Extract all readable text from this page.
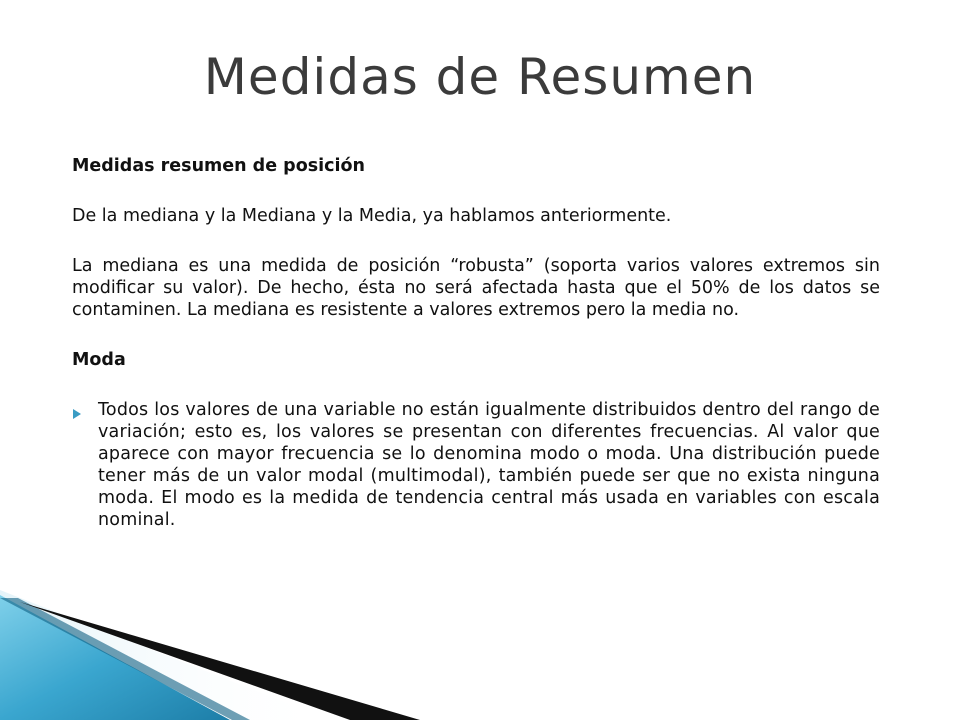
Medidas de Resumen

Medidas resumen de posición

De la mediana y la Mediana y la Media, ya hablamos anteriormente.

La mediana es una medida de posición “robusta” (soporta varios valores extremos sin modificar su valor). De hecho, ésta no será afectada hasta que el 50% de los datos se contaminen. La mediana es resistente a valores extremos pero la media no.

Moda

Todos los valores de una variable no están igualmente distribuidos dentro del rango de variación; esto es, los valores se presentan con diferentes frecuencias. Al valor que aparece con mayor frecuencia se lo denomina modo o moda. Una distribución puede tener más de un valor modal (multimodal), también puede ser que no exista ninguna moda. El modo es la medida de tendencia central más usada en variables con escala nominal.
